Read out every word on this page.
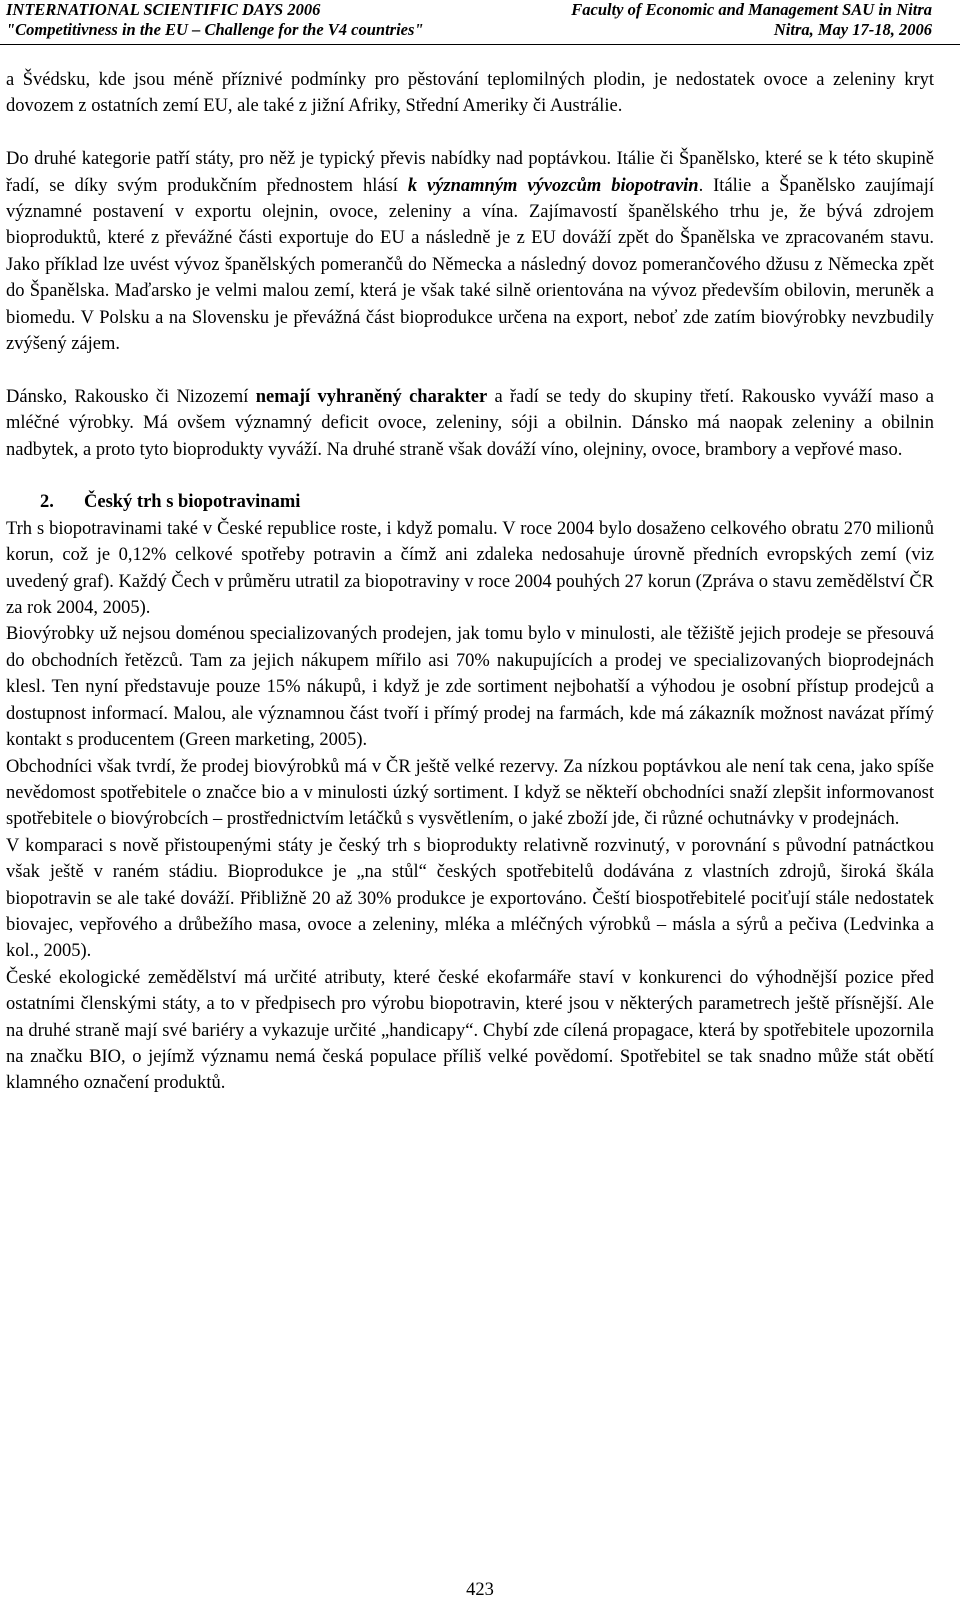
INTERNATIONAL SCIENTIFIC DAYS 2006	Faculty of Economic and Management SAU in Nitra
"Competitivness in the EU – Challenge for the V4 countries"	Nitra, May 17-18, 2006

a Švédsku, kde jsou méně příznivé podmínky pro pěstování teplomilných plodin, je nedostatek ovoce a zeleniny kryt dovozem z ostatních zemí EU, ale také z jižní Afriky, Střední Ameriky či Austrálie.

Do druhé kategorie patří státy, pro něž je typický převis nabídky nad poptávkou. Itálie či Španělsko, které se k této skupině řadí, se díky svým produkčním přednostem hlásí k významným vývozcům biopotravin. Itálie a Španělsko zaujímají významné postavení v exportu olejnin, ovoce, zeleniny a vína. Zajímavostí španělského trhu je, že bývá zdrojem bioproduktů, které z převážné části exportuje do EU a následně je z EU dováží zpět do Španělska ve zpracovaném stavu. Jako příklad lze uvést vývoz španělských pomerančů do Německa a následný dovoz pomerančového džusu z Německa zpět do Španělska. Maďarsko je velmi malou zemí, která je však také silně orientována na vývoz především obilovin, meruněk a biomedu. V Polsku a na Slovensku je převážná část bioprodukce určena na export, neboť zde zatím biovýrobky nevzbudily zvýšený zájem.

Dánsko, Rakousko či Nizozemí nemají vyhraněný charakter a řadí se tedy do skupiny třetí. Rakousko vyváží maso a mléčné výrobky. Má ovšem významný deficit ovoce, zeleniny, sóji a obilnin. Dánsko má naopak zeleniny a obilnin nadbytek, a proto tyto bioprodukty vyváží. Na druhé straně však dováží víno, olejniny, ovoce, brambory a vepřové maso.

2. Český trh s biopotravinami

Trh s biopotravinami také v České republice roste, i když pomalu. V roce 2004 bylo dosaženo celkového obratu 270 milionů korun, což je 0,12% celkové spotřeby potravin a čímž ani zdaleka nedosahuje úrovně předních evropských zemí (viz uvedený graf). Každý Čech v průměru utratil za biopotraviny v roce 2004 pouhých 27 korun (Zpráva o stavu zemědělství ČR za rok 2004, 2005).

Biovýrobky už nejsou doménou specializovaných prodejen, jak tomu bylo v minulosti, ale těžiště jejich prodeje se přesouvá do obchodních řetězců. Tam za jejich nákupem mířilo asi 70% nakupujících a prodej ve specializovaných bioprodejnách klesl. Ten nyní představuje pouze 15% nákupů, i když je zde sortiment nejbohatší a výhodou je osobní přístup prodejců a dostupnost informací. Malou, ale významnou část tvoří i přímý prodej na farmách, kde má zákazník možnost navázat přímý kontakt s producentem (Green marketing, 2005).

Obchodníci však tvrdí, že prodej biovýrobků má v ČR ještě velké rezervy. Za nízkou poptávkou ale není tak cena, jako spíše nevědomost spotřebitele o značce bio a v minulosti úzký sortiment. I když se někteří obchodníci snaží zlepšit informovanost spotřebitele o biovýrobcích – prostřednictvím letáčků s vysvětlením, o jaké zboží jde, či různé ochutnávky v prodejnách.

V komparaci s nově přistoupenými státy je český trh s bioprodukty relativně rozvinutý, v porovnání s původní patnáctkou však ještě v raném stádiu. Bioprodukce je „na stůl“ českých spotřebitelů dodávána z vlastních zdrojů, široká škála biopotravin se ale také dováží. Přibližně 20 až 30% produkce je exportováno. Čeští biospotřebitelé pociťují stále nedostatek biovajec, vepřového a drůbežího masa, ovoce a zeleniny, mléka a mléčných výrobků – másla a sýrů a pečiva (Ledvinka a kol., 2005).

České ekologické zemědělství má určité atributy, které české ekofarmáře staví v konkurenci do výhodnější pozice před ostatními členskými státy, a to v předpisech pro výrobu biopotravin, které jsou v některých parametrech ještě přísnější. Ale na druhé straně mají své bariéry a vykazuje určité „handicapy“. Chybí zde cílená propagace, která by spotřebitele upozornila na značku BIO, o jejímž významu nemá česká populace příliš velké povědomí. Spotřebitel se tak snadno může stát obětí klamného označení produktů.

423
